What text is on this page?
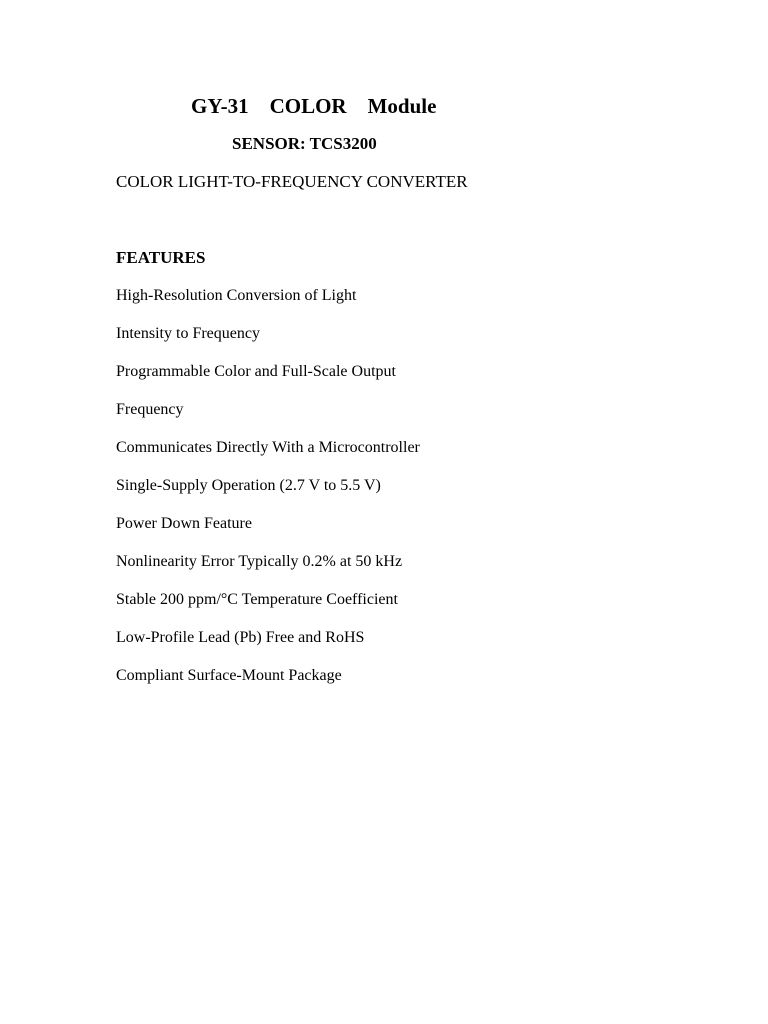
GY-31    COLOR    Module
SENSOR: TCS3200
COLOR LIGHT-TO-FREQUENCY CONVERTER
FEATURES
High-Resolution Conversion of Light
Intensity to Frequency
Programmable Color and Full-Scale Output
Frequency
Communicates Directly With a Microcontroller
Single-Supply Operation (2.7 V to 5.5 V)
Power Down Feature
Nonlinearity Error Typically 0.2% at 50 kHz
Stable 200 ppm/°C Temperature Coefficient
Low-Profile Lead (Pb) Free and RoHS
Compliant Surface-Mount Package
